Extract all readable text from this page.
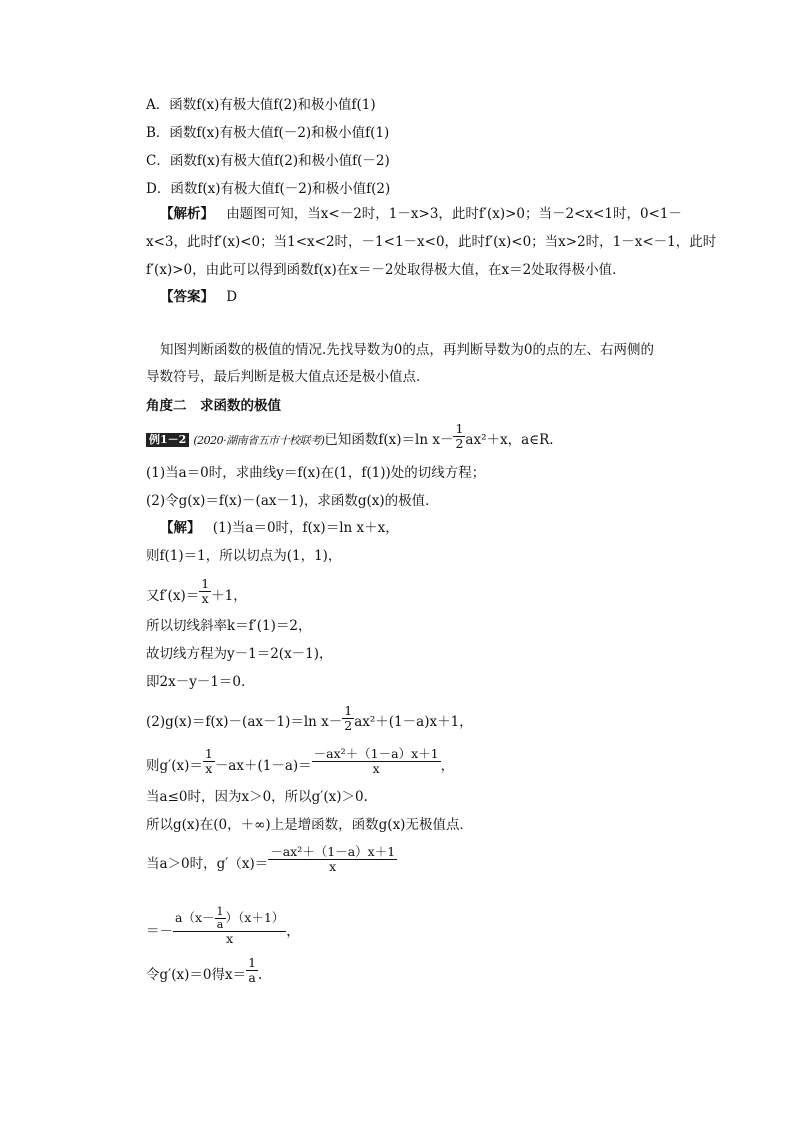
A．函数f(x)有极大值f(2)和极小值f(1)
B．函数f(x)有极大值f(－2)和极小值f(1)
C．函数f(x)有极大值f(2)和极小值f(－2)
D．函数f(x)有极大值f(－2)和极小值f(2)
【解析】 由题图可知，当x<－2时，1－x>3，此时f′(x)>0；当－2<x<1时，0<1－
x<3，此时f′(x)<0；当1<x<2时，－1<1－x<0，此时f′(x)<0；当x>2时，1－x<－1，此时
f′(x)>0，由此可以得到函数f(x)在x＝－2处取得极大值，在x＝2处取得极小值．
【答案】 D
知图判断函数的极值的情况.先找导数为0的点，再判断导数为0的点的左、右两侧的
导数符号，最后判断是极大值点还是极小值点．
角度二　求函数的极值
例1－2 (2020·湖南省五市十校联考)已知函数f(x)＝ln $x- \frac{1}{2} ax^2+x$，a∈R.
(1)当a＝0时，求曲线y＝f(x)在(1，f(1))处的切线方程；
(2)令g(x)＝f(x)－(ax－1)，求函数g(x)的极值．
【解】 (1)当a＝0时，f(x)＝ln x＋x，
则f(1)＝1，所以切点为(1，1)，
又$f'(x)= \frac{1}{x} +1$，
所以切线斜率k＝f′(1)＝2，
故切线方程为y－1＝2(x－1)，
即2x－y－1＝0.
(2)g(x)＝f(x)－(ax－1)＝ln $x- \frac{1}{2} ax^2+(1-a)x+1$，
则$g'(x)= \frac{1}{x} -ax+(1-a)= \frac{\text{－ax²＋（1－a）x＋1}}{x}$ ，
当a≤0时，因为x＞0，所以g′(x)＞0.
所以g(x)在(0，＋∞)上是增函数，函数g(x)无极值点．
当a＞0时，$g'(x)= \frac{\text{－ax²＋（1－a）x＋1}}{x}$
＝－ $\frac{a(x- \frac{1}{a} )(x+1)}{x}$ ，
令g′(x)＝0得$x= \frac{1}{a}$ .
